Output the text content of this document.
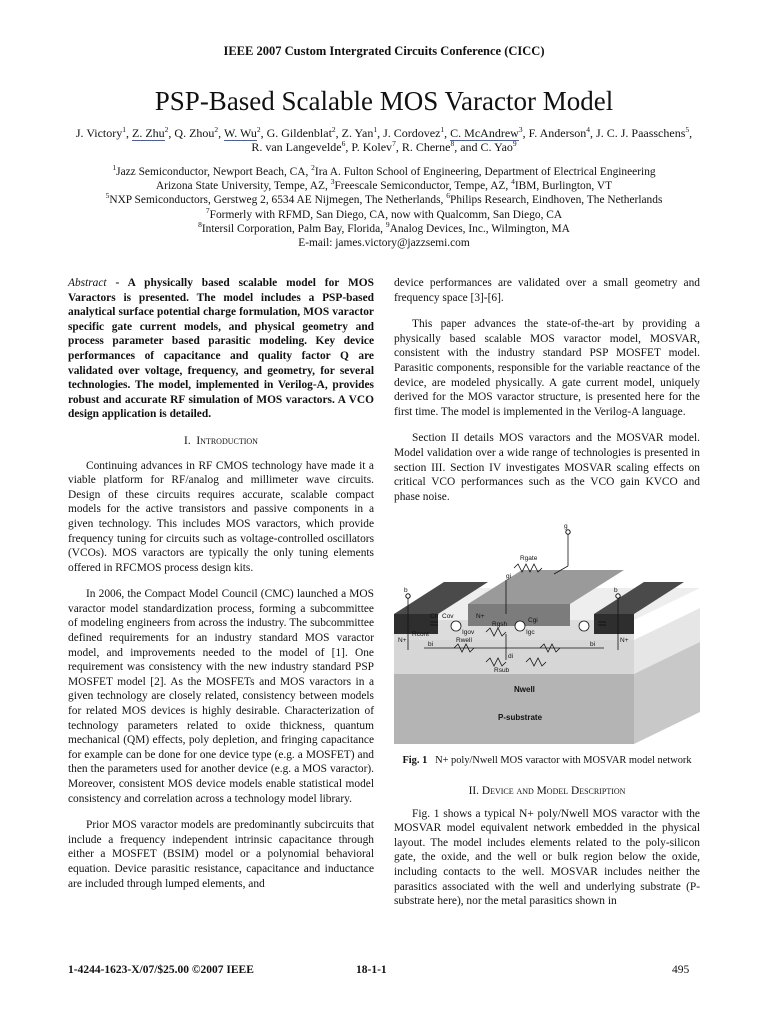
IEEE 2007 Custom Intergrated Circuits Conference (CICC)
PSP-Based Scalable MOS Varactor Model
J. Victory$^1$, Z. Zhu$^2$, Q. Zhou$^2$, W. Wu$^2$, G. Gildenblat$^2$, Z. Yan$^1$, J. Cordovez$^1$, C. McAndrew$^3$, F. Anderson$^4$, J. C. J. Paasschens$^5$, R. van Langevelde$^6$, P. Kolev$^7$, R. Cherne$^8$, and C. Yao$^9$
$^1$Jazz Semiconductor, Newport Beach, CA, $^2$Ira A. Fulton School of Engineering, Department of Electrical Engineering
Arizona State University, Tempe, AZ, $^3$Freescale Semiconductor, Tempe, AZ, $^4$IBM, Burlington, VT
$^5$NXP Semiconductors, Gerstweg 2, 6534 AE Nijmegen, The Netherlands, $^6$Philips Research, Eindhoven, The Netherlands
$^7$Formerly with RFMD, San Diego, CA, now with Qualcomm, San Diego, CA
$^8$Intersil Corporation, Palm Bay, Florida, $^9$Analog Devices, Inc., Wilmington, MA
E-mail: james.victory@jazzsemi.com

Abstract - A physically based scalable model for MOS Varactors is presented. The model includes a PSP-based analytical surface potential charge formulation, MOS varactor specific gate current models, and physical geometry and process parameter based parasitic modeling. Key device performances of capacitance and quality factor Q are validated over voltage, frequency, and geometry, for several technologies. The model, implemented in Verilog-A, provides robust and accurate RF simulation of MOS varactors. A VCO design application is detailed.

I. Introduction

Continuing advances in RF CMOS technology have made it a viable platform for RF/analog and millimeter wave circuits. Design of these circuits requires accurate, scalable compact models for the active transistors and passive components in a given technology. This includes MOS varactors, which provide frequency tuning for circuits such as voltage-controlled oscillators (VCOs). MOS varactors are typically the only tuning elements offered in RFCMOS process design kits.

In 2006, the Compact Model Council (CMC) launched a MOS varactor model standardization process, forming a subcommittee of modeling engineers from across the industry. The subcommittee defined requirements for an industry standard MOS varactor model, and improvements needed to the model of [1]. One requirement was consistency with the new industry standard PSP MOSFET model [2]. As the MOSFETs and MOS varactors in a given technology are closely related, consistency between models for related MOS devices is highly desirable. Characterization of technology parameters related to oxide thickness, quantum mechanical (QM) effects, poly depletion, and fringing capacitance for example can be done for one device type (e.g. a MOSFET) and then the parameters used for another device (e.g. a MOS varactor). Moreover, consistent MOS device models enable statistical model consistency and correlation across a technology model library.

Prior MOS varactor models are predominantly subcircuits that include a frequency independent intrinsic capacitance through either a MOSFET (BSIM) model or a polynomial behavioral equation. Device parasitic resistance, capacitance and inductance are included through lumped elements, and

device performances are validated over a small geometry and frequency space [3]-[6].

This paper advances the state-of-the-art by providing a physically based scalable MOS varactor model, MOSVAR, consistent with the industry standard PSP MOSFET model. Parasitic components, responsible for the variable reactance of the device, are modeled physically. A gate current model, uniquely derived for the MOS varactor structure, is presented here for the first time. The model is implemented in the Verilog-A language.

Section II details MOS varactors and the MOSVAR model. Model validation over a wide range of technologies is presented in section III. Section IV investigates MOSVAR scaling effects on critical VCO performances such as the VCO gain KVCO and phase noise.

g
b	b
gi
bi	bi
di
N+
N+	N+
Rgate
Rgsh
Rwell
Rsub
Rcont
Cfr Cov
Cgi
Igov	Igc
Nwell
P-substrate
Fig. 1 N+ poly/Nwell MOS varactor with MOSVAR model network
II. Device and Model Description

Fig. 1 shows a typical N+ poly/Nwell MOS varactor with the MOSVAR model equivalent network embedded in the physical layout. The model includes elements related to the poly-silicon gate, the oxide, and the well or bulk region below the oxide, including contacts to the well. MOSVAR includes neither the parasitics associated with the well and underlying substrate (P-substrate here), nor the metal parasitics shown in

1-4244-1623-X/07/$25.00 ©2007 IEEE	18-1-1	495
